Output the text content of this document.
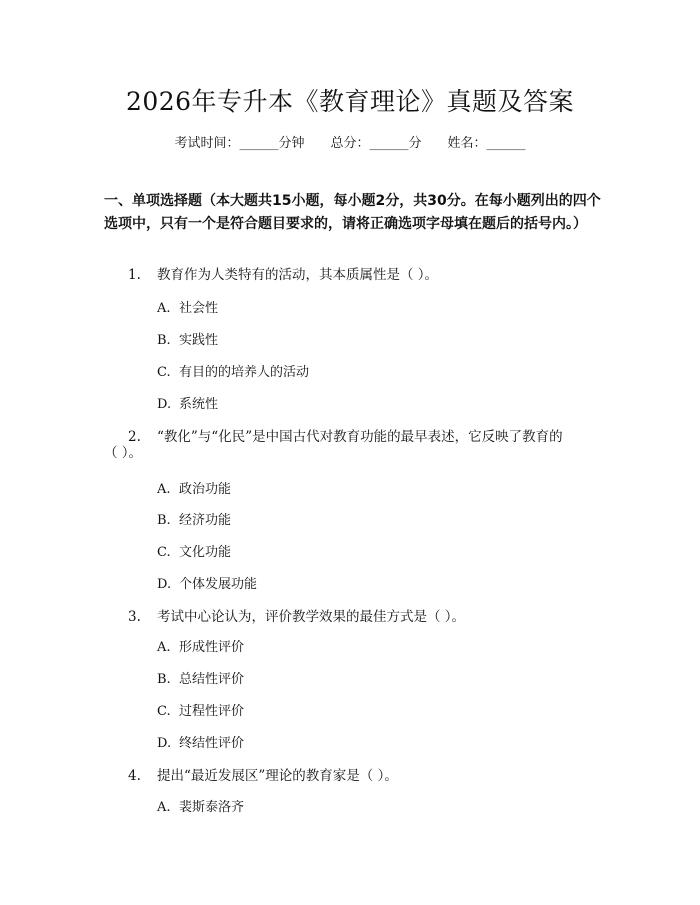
2026年专升本《教育理论》真题及答案
考试时间：______分钟 总分：______分 姓名：______
一、单项选择题（本大题共15小题，每小题2分，共30分。在每小题列出的四个选项中，只有一个是符合题目要求的，请将正确选项字母填在题后的括号内。）
1. 教育作为人类特有的活动，其本质属性是（ ）。
A. 社会性
B. 实践性
C. 有目的的培养人的活动
D. 系统性
2. “教化”与“化民”是中国古代对教育功能的最早表述，它反映了教育的
（ ）。
A. 政治功能
B. 经济功能
C. 文化功能
D. 个体发展功能
3. 考试中心论认为，评价教学效果的最佳方式是（ ）。
A. 形成性评价
B. 总结性评价
C. 过程性评价
D. 终结性评价
4. 提出“最近发展区”理论的教育家是（ ）。
A. 裴斯泰洛齐
